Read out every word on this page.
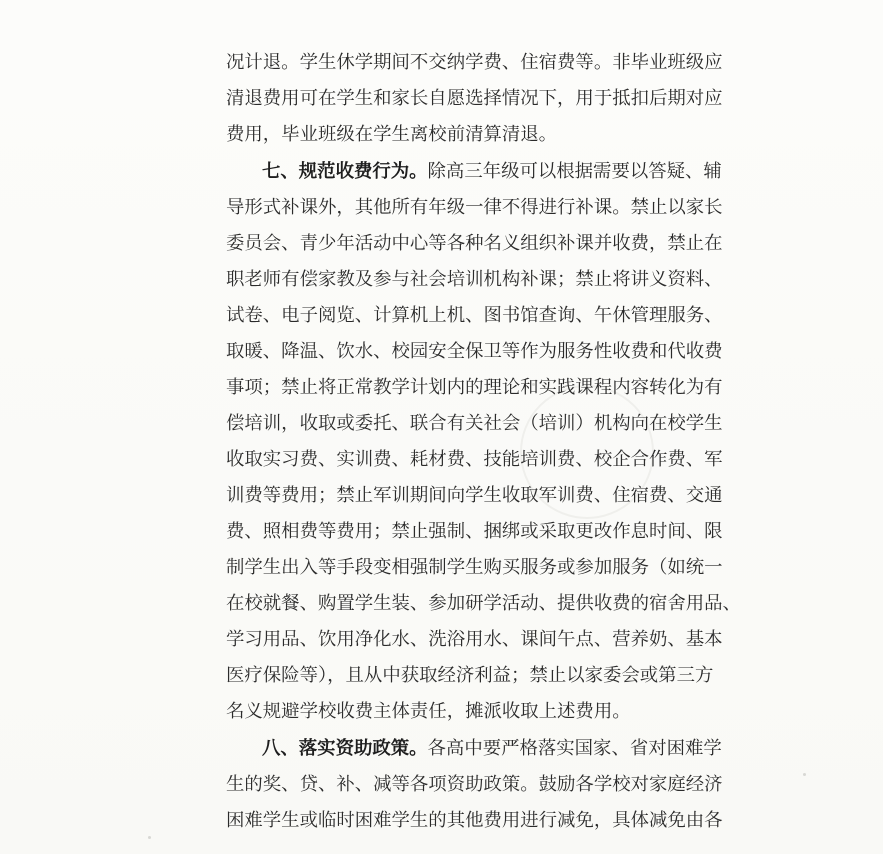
况计退。学生休学期间不交纳学费、住宿费等。非毕业班级应
清退费用可在学生和家长自愿选择情况下，用于抵扣后期对应
费用，毕业班级在学生离校前清算清退。
七、规范收费行为。除高三年级可以根据需要以答疑、辅
导形式补课外，其他所有年级一律不得进行补课。禁止以家长
委员会、青少年活动中心等各种名义组织补课并收费，禁止在
职老师有偿家教及参与社会培训机构补课；禁止将讲义资料、
试卷、电子阅览、计算机上机、图书馆查询、午休管理服务、
取暖、降温、饮水、校园安全保卫等作为服务性收费和代收费
事项；禁止将正常教学计划内的理论和实践课程内容转化为有
偿培训，收取或委托、联合有关社会（培训）机构向在校学生
收取实习费、实训费、耗材费、技能培训费、校企合作费、军
训费等费用；禁止军训期间向学生收取军训费、住宿费、交通
费、照相费等费用；禁止强制、捆绑或采取更改作息时间、限
制学生出入等手段变相强制学生购买服务或参加服务（如统一
在校就餐、购置学生装、参加研学活动、提供收费的宿舍用品、
学习用品、饮用净化水、洗浴用水、课间午点、营养奶、基本
医疗保险等），且从中获取经济利益；禁止以家委会或第三方
名义规避学校收费主体责任，摊派收取上述费用。
八、落实资助政策。各高中要严格落实国家、省对困难学
生的奖、贷、补、减等各项资助政策。鼓励各学校对家庭经济
困难学生或临时困难学生的其他费用进行减免，具体减免由各
